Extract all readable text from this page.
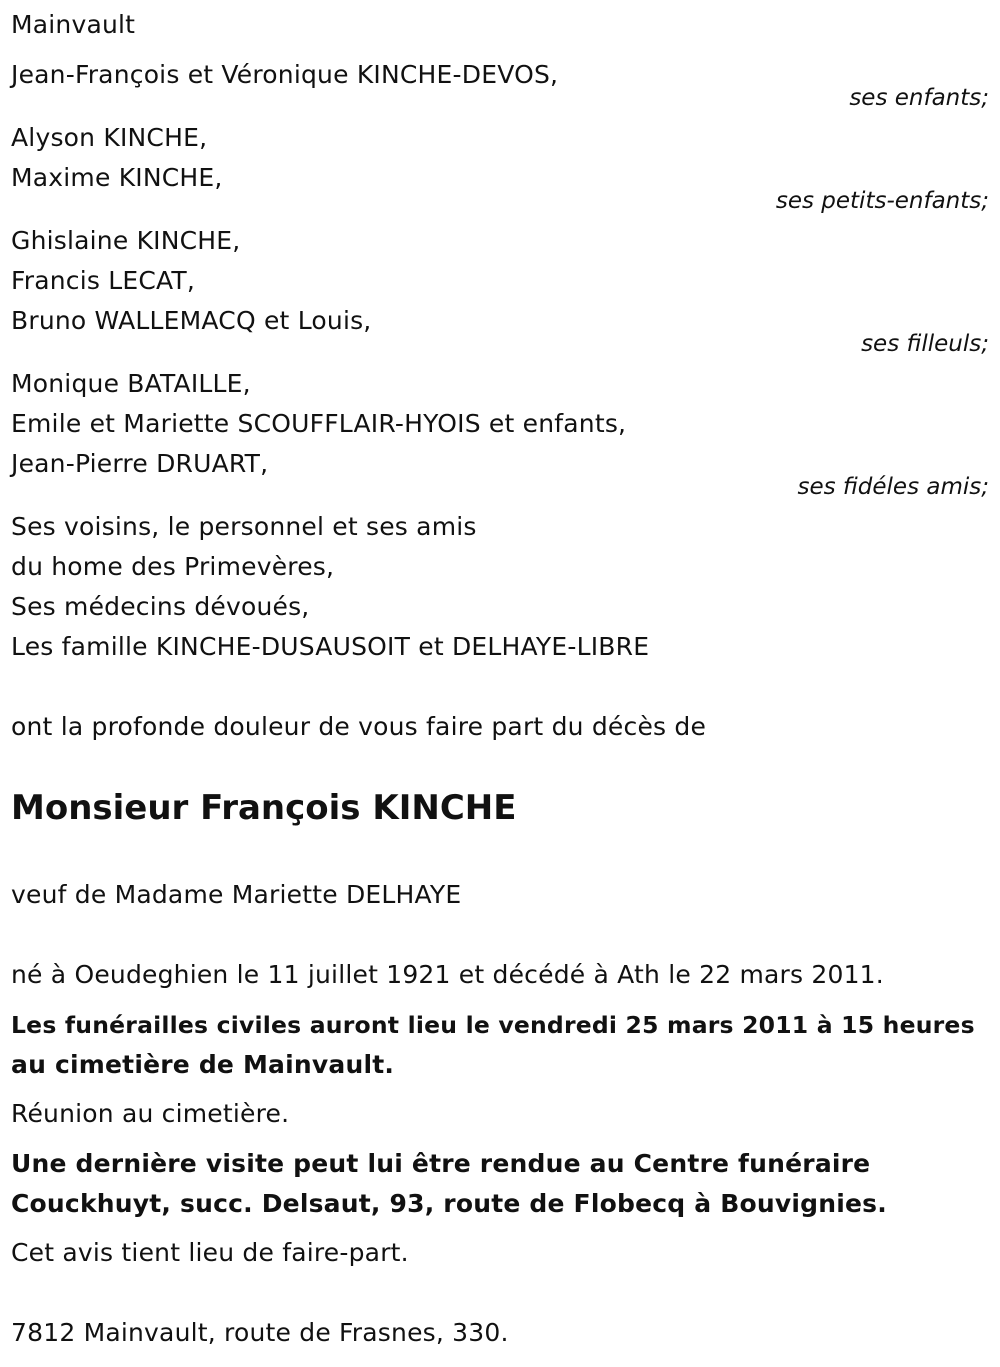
Mainvault
Jean-François et Véronique KINCHE-DEVOS,
ses enfants;
Alyson KINCHE,
Maxime KINCHE,
ses petits-enfants;
Ghislaine KINCHE,
Francis LECAT,
Bruno WALLEMACQ et Louis,
ses filleuls;
Monique BATAILLE,
Emile et Mariette SCOUFFLAIR-HYOIS et enfants,
Jean-Pierre DRUART,
ses fidéles amis;
Ses voisins, le personnel et ses amis
du home des Primevères,
Ses médecins dévoués,
Les famille KINCHE-DUSAUSOIT et DELHAYE-LIBRE
ont la profonde douleur de vous faire part du décès de
Monsieur François KINCHE
veuf de Madame Mariette DELHAYE
né à Oeudeghien le 11 juillet 1921 et décédé à Ath le 22 mars 2011.
Les funérailles civiles auront lieu le vendredi 25 mars 2011 à 15 heures
au cimetière de Mainvault.
Réunion au cimetière.
Une dernière visite peut lui être rendue au Centre funéraire
Couckhuyt, succ. Delsaut, 93, route de Flobecq à Bouvignies.
Cet avis tient lieu de faire-part.
7812 Mainvault, route de Frasnes, 330.
